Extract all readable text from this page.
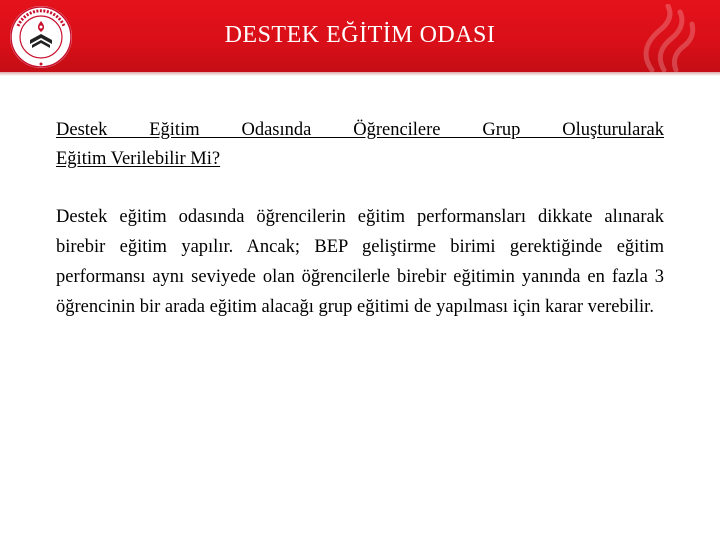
DESTEK EĞİTİM ODASI

Destek Eğitim Odasında Öğrencilere Grup Oluşturularak
Eğitim Verilebilir Mi?

Destek eğitim odasında öğrencilerin eğitim performansları dikkate alınarak birebir eğitim yapılır. Ancak; BEP geliştirme birimi gerektiğinde eğitim performansı aynı seviyede olan öğrencilerle birebir eğitimin yanında en fazla 3 öğrencinin bir arada eğitim alacağı grup eğitimi de yapılması için karar verebilir.
